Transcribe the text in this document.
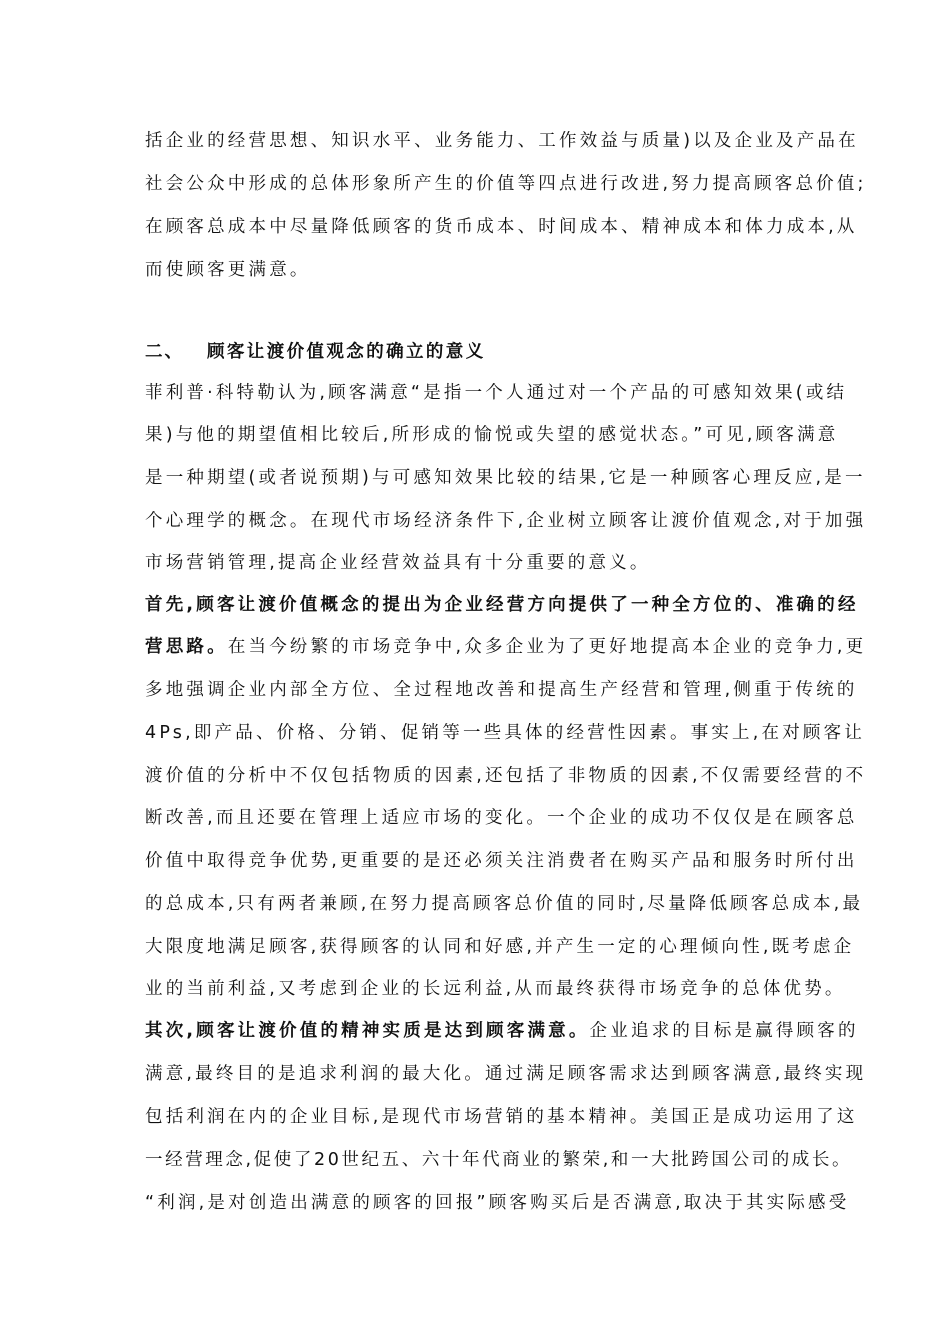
括企业的经营思想、知识水平、业务能力、工作效益与质量)以及企业及产品在
社会公众中形成的总体形象所产生的价值等四点进行改进,努力提高顾客总价值;
在顾客总成本中尽量降低顾客的货币成本、时间成本、精神成本和体力成本,从
而使顾客更满意。
二、 顾客让渡价值观念的确立的意义
菲利普·科特勒认为,顾客满意“是指一个人通过对一个产品的可感知效果(或结
果)与他的期望值相比较后,所形成的愉悦或失望的感觉状态。”可见,顾客满意
是一种期望(或者说预期)与可感知效果比较的结果,它是一种顾客心理反应,是一
个心理学的概念。在现代市场经济条件下,企业树立顾客让渡价值观念,对于加强
市场营销管理,提高企业经营效益具有十分重要的意义。
首先,顾客让渡价值概念的提出为企业经营方向提供了一种全方位的、准确的经
营思路。在当今纷繁的市场竞争中,众多企业为了更好地提高本企业的竞争力,更
多地强调企业内部全方位、全过程地改善和提高生产经营和管理,侧重于传统的
4Ps,即产品、价格、分销、促销等一些具体的经营性因素。事实上,在对顾客让
渡价值的分析中不仅包括物质的因素,还包括了非物质的因素,不仅需要经营的不
断改善,而且还要在管理上适应市场的变化。一个企业的成功不仅仅是在顾客总
价值中取得竞争优势,更重要的是还必须关注消费者在购买产品和服务时所付出
的总成本,只有两者兼顾,在努力提高顾客总价值的同时,尽量降低顾客总成本,最
大限度地满足顾客,获得顾客的认同和好感,并产生一定的心理倾向性,既考虑企
业的当前利益,又考虑到企业的长远利益,从而最终获得市场竞争的总体优势。
其次,顾客让渡价值的精神实质是达到顾客满意。企业追求的目标是赢得顾客的
满意,最终目的是追求利润的最大化。通过满足顾客需求达到顾客满意,最终实现
包括利润在内的企业目标,是现代市场营销的基本精神。美国正是成功运用了这
一经营理念,促使了20世纪五、六十年代商业的繁荣,和一大批跨国公司的成长。
“利润,是对创造出满意的顾客的回报”顾客购买后是否满意,取决于其实际感受
